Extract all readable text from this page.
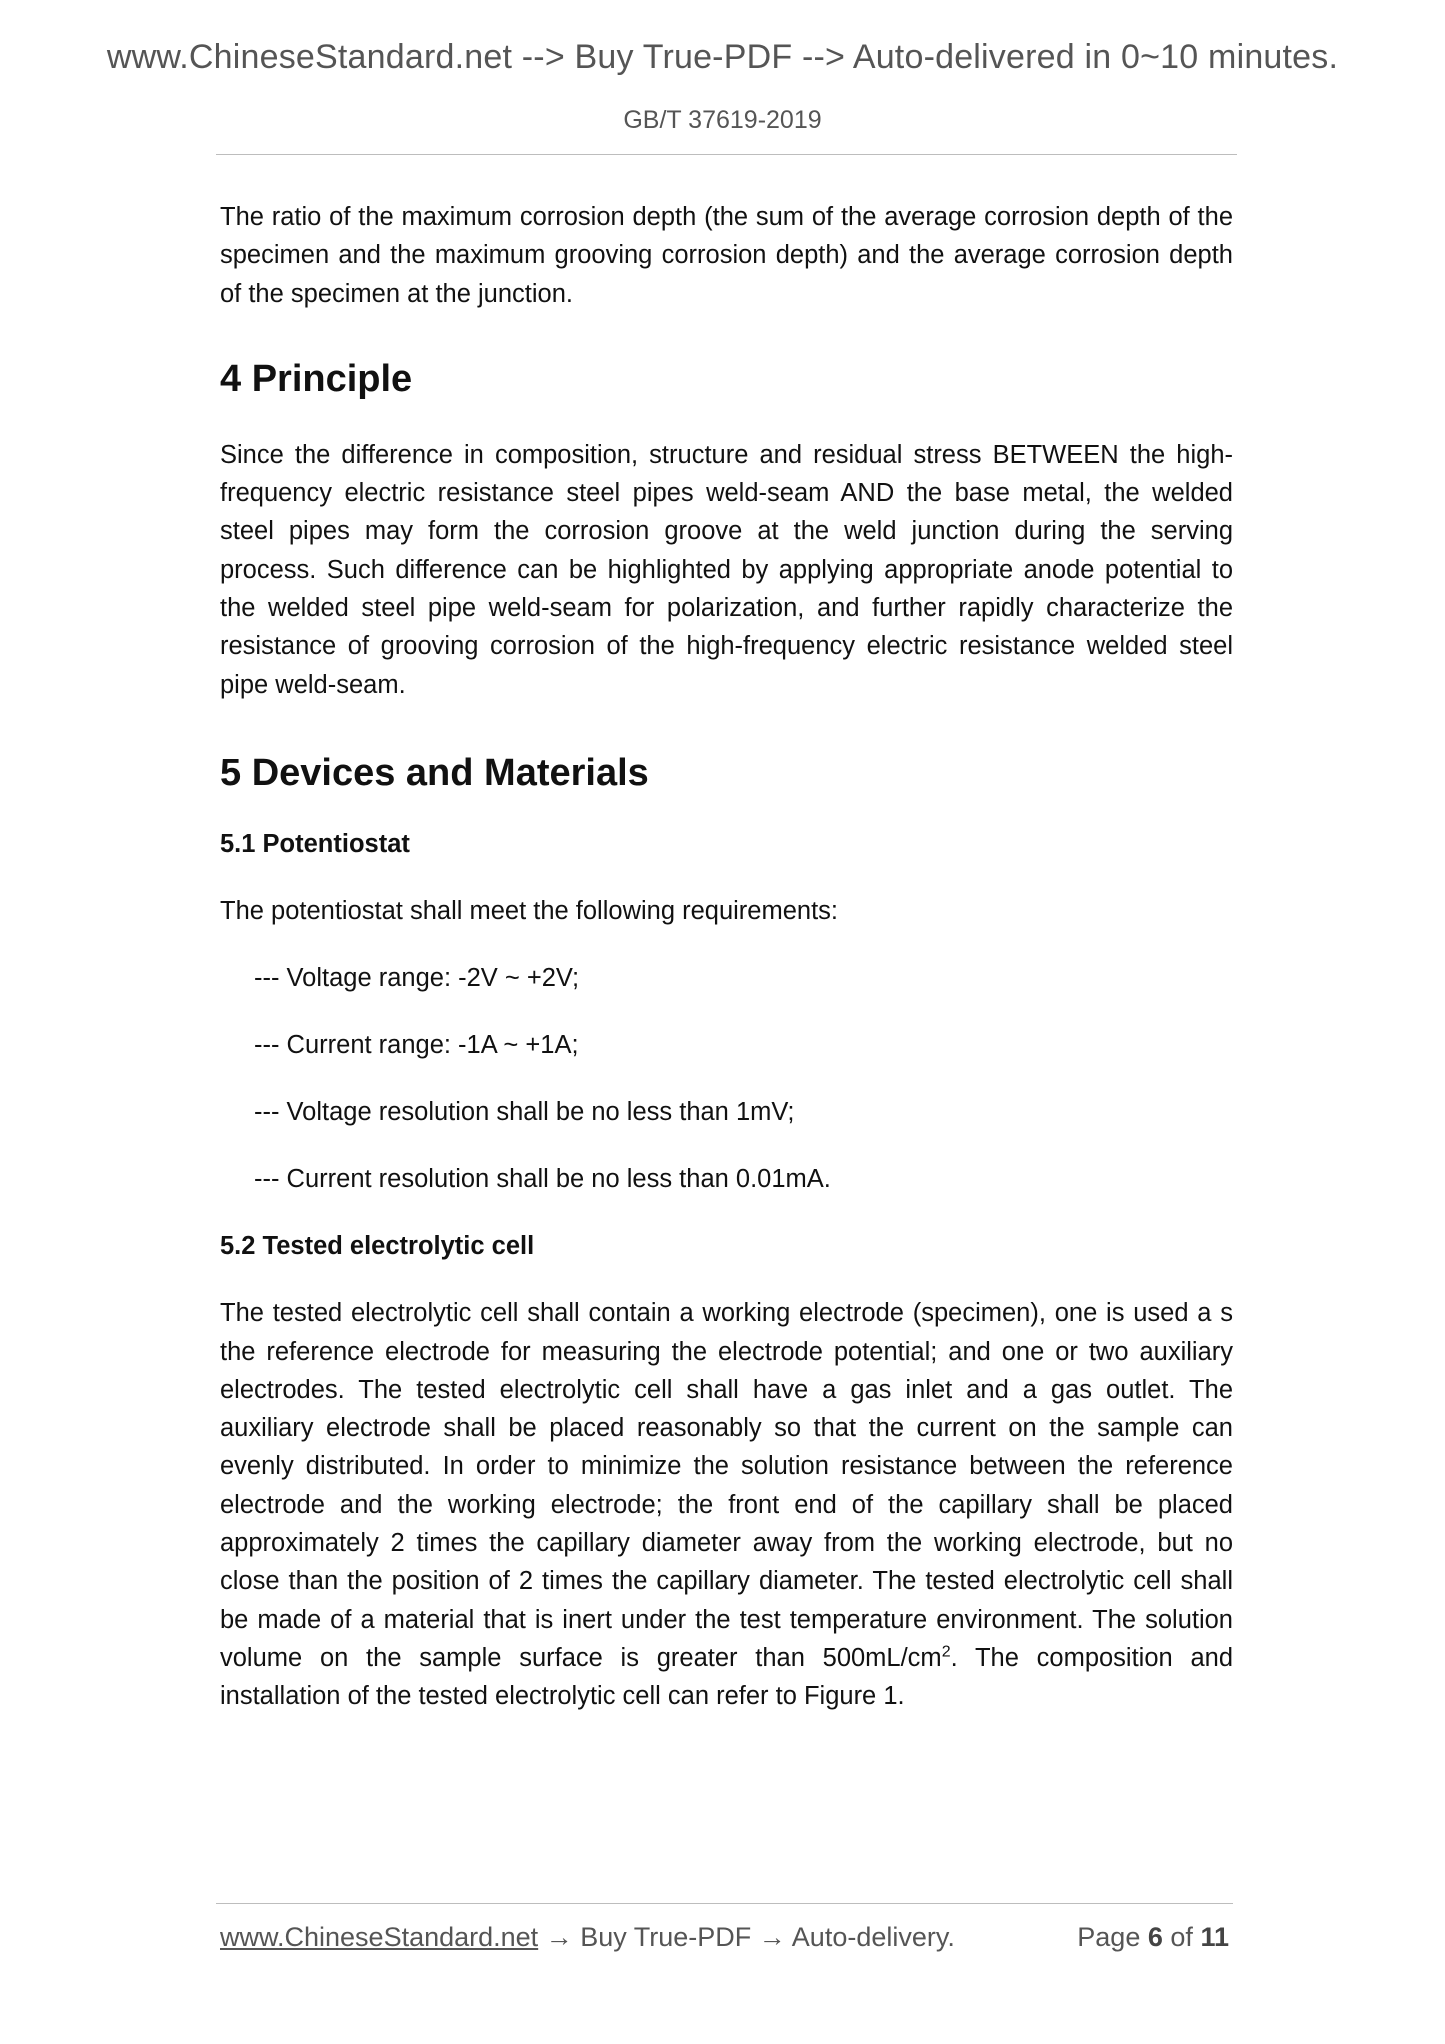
www.ChineseStandard.net --> Buy True-PDF --> Auto-delivered in 0~10 minutes.
GB/T 37619-2019

The ratio of the maximum corrosion depth (the sum of the average corrosion depth of the specimen and the maximum grooving corrosion depth) and the average corrosion depth of the specimen at the junction.

4 Principle

Since the difference in composition, structure and residual stress BETWEEN the high-frequency electric resistance steel pipes weld-seam AND the base metal, the welded steel pipes may form the corrosion groove at the weld junction during the serving process. Such difference can be highlighted by applying appropriate anode potential to the welded steel pipe weld-seam for polarization, and further rapidly characterize the resistance of grooving corrosion of the high-frequency electric resistance welded steel pipe weld-seam.

5 Devices and Materials
5.1 Potentiostat

The potentiostat shall meet the following requirements:

--- Voltage range: -2V ~ +2V;
--- Current range: -1A ~ +1A;
--- Voltage resolution shall be no less than 1mV;
--- Current resolution shall be no less than 0.01mA.
5.2 Tested electrolytic cell

The tested electrolytic cell shall contain a working electrode (specimen), one is used a s the reference electrode for measuring the electrode potential; and one or two auxiliary electrodes. The tested electrolytic cell shall have a gas inlet and a gas outlet. The auxiliary electrode shall be placed reasonably so that the current on the sample can evenly distributed. In order to minimize the solution resistance between the reference electrode and the working electrode; the front end of the capillary shall be placed approximately 2 times the capillary diameter away from the working electrode, but no close than the position of 2 times the capillary diameter. The tested electrolytic cell shall be made of a material that is inert under the test temperature environment. The solution volume on the sample surface is greater than $500mL/cm^2$. The composition and installation of the tested electrolytic cell can refer to Figure 1.

www.ChineseStandard.net → Buy True-PDF → Auto-delivery.	Page 6 of 11
